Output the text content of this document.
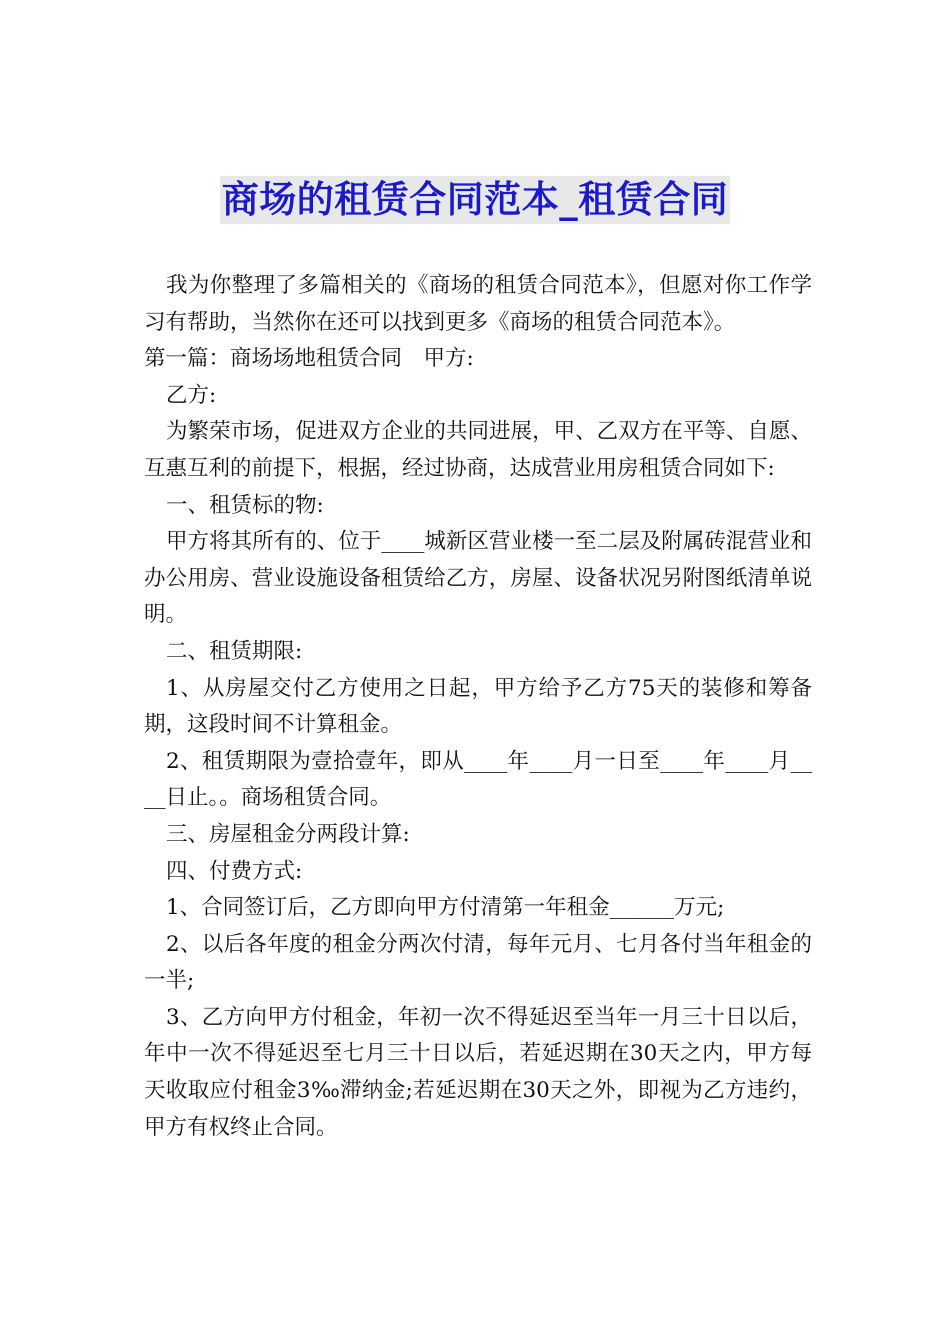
商场的租赁合同范本_租赁合同

我为你整理了多篇相关的《商场的租赁合同范本》，但愿对你工作学习有帮助，当然你在还可以找到更多《商场的租赁合同范本》。

第一篇：商场场地租赁合同　甲方:

乙方:

为繁荣市场，促进双方企业的共同进展，甲、乙双方在平等、自愿、互惠互利的前提下，根据，经过协商，达成营业用房租赁合同如下:

一、租赁标的物:

甲方将其所有的、位于____城新区营业楼一至二层及附属砖混营业和办公用房、营业设施设备租赁给乙方，房屋、设备状况另附图纸清单说明。

二、租赁期限:

1、从房屋交付乙方使用之日起，甲方给予乙方75天的装修和筹备期，这段时间不计算租金。

2、租赁期限为壹拾壹年，即从____年____月一日至____年____月____日止。。商场租赁合同。

三、房屋租金分两段计算:

四、付费方式:

1、合同签订后，乙方即向甲方付清第一年租金______万元;

2、以后各年度的租金分两次付清，每年元月、七月各付当年租金的一半;

3、乙方向甲方付租金，年初一次不得延迟至当年一月三十日以后，年中一次不得延迟至七月三十日以后，若延迟期在30天之内，甲方每天收取应付租金3‰滞纳金;若延迟期在30天之外，即视为乙方违约，甲方有权终止合同。
